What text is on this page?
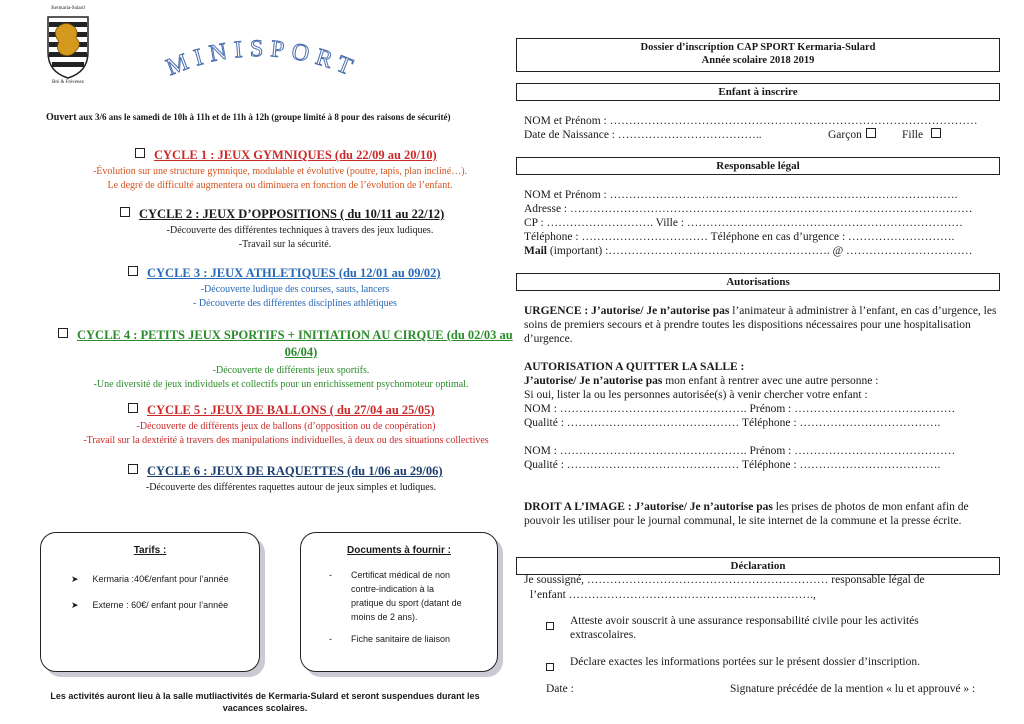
Kermaria-Sulard
Bré & Frévenez
MINISPORT
Ouvert aux 3/6 ans le samedi de 10h à 11h et de 11h à 12h (groupe limité à 8 pour des raisons de sécurité)
CYCLE 1 : JEUX GYMNIQUES (du 22/09 au 20/10)
-Évolution sur une structure gymnique, modulable et évolutive (poutre, tapis, plan incliné…).
Le degré de difficulté augmentera ou diminuera en fonction de l’évolution de l’enfant.
CYCLE 2 : JEUX D’OPPOSITIONS ( du 10/11 au 22/12)
-Découverte des différentes techniques à travers des jeux ludiques.
-Travail sur la sécurité.
CYCLE 3 : JEUX ATHLETIQUES (du 12/01 au 09/02)
-Découverte ludique des courses, sauts, lancers
- Découverte des différentes disciplines athlétiques
CYCLE 4 : PETITS JEUX SPORTIFS + INITIATION AU CIRQUE (du 02/03 au
06/04)
-Découverte de différents jeux sportifs.
-Une diversité de jeux individuels et collectifs pour un enrichissement psychomoteur optimal.
CYCLE 5 : JEUX DE BALLONS ( du 27/04 au 25/05)
-Découverte de différents jeux de ballons (d’opposition ou de coopération)
-Travail sur la dextérité à travers des manipulations individuelles, à deux ou des situations collectives
CYCLE 6 : JEUX DE RAQUETTES (du 1/06 au 29/06)
-Découverte des différentes raquettes autour de jeux simples et ludiques.
Tarifs :
➤ Kermaria :40€/enfant pour l’année
➤ Externe : 60€/ enfant pour l’année
Documents à fournir :
-	Certificat médical de non contre-indication à la pratique du sport (datant de moins de 2 ans).
-	Fiche sanitaire de liaison
Les activités auront lieu à la salle mutliactivités de Kermaria-Sulard et seront suspendues durant les vacances scolaires.
Dossier d’inscription CAP SPORT Kermaria-Sulard
Année scolaire 2018 2019
Enfant à inscrire
NOM et Prénom : ……………………………………………………………………………………
Date de Naissance : ………………………………..	Garçon	Fille
Responsable légal
NOM et Prénom : ……………………………………………………………………………….
Adresse : ……………………………………………………………………………………………
CP : ………………………. Ville : ………………………………………………………………
Téléphone : …………………………… Téléphone en cas d’urgence : ……………………….
Mail (important) :…………………………………………………. @ ……………………………
Autorisations
URGENCE : J’autorise/ Je n’autorise pas l’animateur à administrer à l’enfant, en cas d’urgence, les soins de premiers secours et à prendre toutes les dispositions nécessaires pour une hospitalisation d’urgence.
AUTORISATION A QUITTER LA SALLE :
J’autorise/ Je n’autorise pas mon enfant à rentrer avec une autre personne :
Si oui, lister la ou les personnes autorisée(s) à venir chercher votre enfant :
NOM : …………………………………………. Prénom : ……………………………………
Qualité : ……………………………………… Téléphone : ……………………………….
NOM : …………………………………………. Prénom : ……………………………………
Qualité : ……………………………………… Téléphone : ……………………………….
DROIT A L’IMAGE : J’autorise/ Je n’autorise pas les prises de photos de mon enfant afin de pouvoir les utiliser pour le journal communal, le site internet de la commune et la presse écrite.
Déclaration
Je soussigné, ……………………………………………………… responsable légal de
l’enfant ……………………………………………………….,
Atteste avoir souscrit à une assurance responsabilité civile pour les activités extrascolaires.
Déclare exactes les informations portées sur le présent dossier d’inscription.
Date :	Signature précédée de la mention « lu et approuvé » :
